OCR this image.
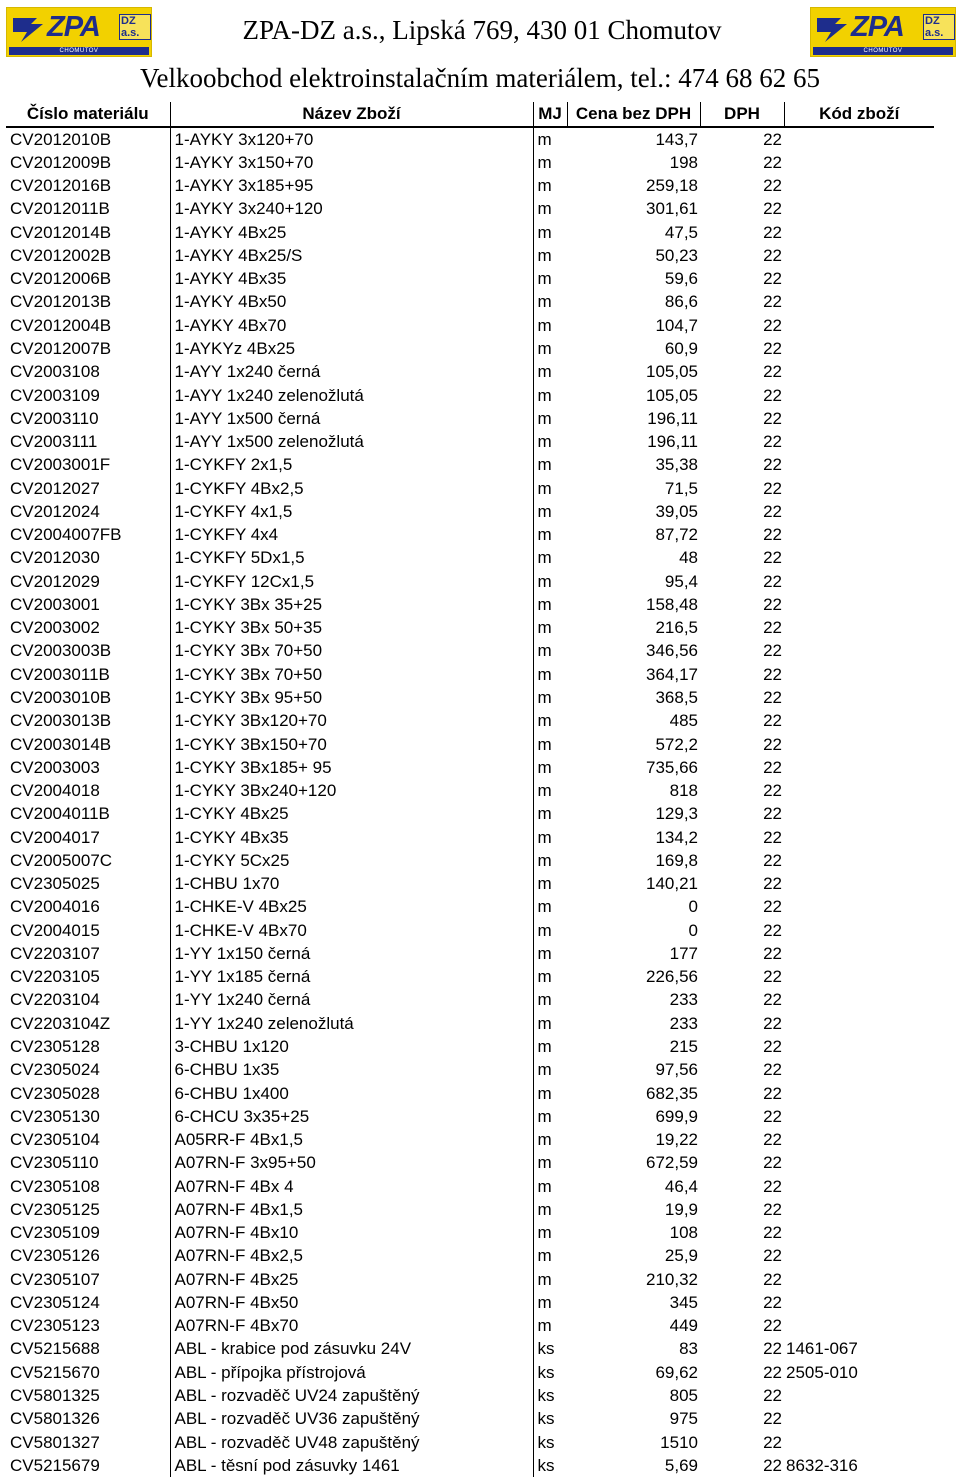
ZPA DZ a.s.
CHOMUTOV
ZPA-DZ a.s., Lipská 769, 430 01 Chomutov	ZPA DZ a.s.
CHOMUTOV
Velkoobchod elektroinstalačním materiálem, tel.: 474 68 62 65
Číslo materiálu	Název Zboží	MJ	Cena bez DPH	DPH	Kód zboží
CV2012010B	1-AYKY 3x120+70	m	143,7	22	
CV2012009B	1-AYKY 3x150+70	m	198	22	
CV2012016B	1-AYKY 3x185+95	m	259,18	22	
CV2012011B	1-AYKY 3x240+120	m	301,61	22	
CV2012014B	1-AYKY 4Bx25	m	47,5	22	
CV2012002B	1-AYKY 4Bx25/S	m	50,23	22	
CV2012006B	1-AYKY 4Bx35	m	59,6	22	
CV2012013B	1-AYKY 4Bx50	m	86,6	22	
CV2012004B	1-AYKY 4Bx70	m	104,7	22	
CV2012007B	1-AYKYz 4Bx25	m	60,9	22	
CV2003108	1-AYY 1x240 černá	m	105,05	22	
CV2003109	1-AYY 1x240 zelenožlutá	m	105,05	22	
CV2003110	1-AYY 1x500 černá	m	196,11	22	
CV2003111	1-AYY 1x500 zelenožlutá	m	196,11	22	
CV2003001F	1-CYKFY 2x1,5	m	35,38	22	
CV2012027	1-CYKFY 4Bx2,5	m	71,5	22	
CV2012024	1-CYKFY 4x1,5	m	39,05	22	
CV2004007FB	1-CYKFY 4x4	m	87,72	22	
CV2012030	1-CYKFY 5Dx1,5	m	48	22	
CV2012029	1-CYKFY 12Cx1,5	m	95,4	22	
CV2003001	1-CYKY 3Bx 35+25	m	158,48	22	
CV2003002	1-CYKY 3Bx 50+35	m	216,5	22	
CV2003003B	1-CYKY 3Bx 70+50	m	346,56	22	
CV2003011B	1-CYKY 3Bx 70+50	m	364,17	22	
CV2003010B	1-CYKY 3Bx 95+50	m	368,5	22	
CV2003013B	1-CYKY 3Bx120+70	m	485	22	
CV2003014B	1-CYKY 3Bx150+70	m	572,2	22	
CV2003003	1-CYKY 3Bx185+ 95	m	735,66	22	
CV2004018	1-CYKY 3Bx240+120	m	818	22	
CV2004011B	1-CYKY 4Bx25	m	129,3	22	
CV2004017	1-CYKY 4Bx35	m	134,2	22	
CV2005007C	1-CYKY 5Cx25	m	169,8	22	
CV2305025	1-CHBU 1x70	m	140,21	22	
CV2004016	1-CHKE-V 4Bx25	m	0	22	
CV2004015	1-CHKE-V 4Bx70	m	0	22	
CV2203107	1-YY 1x150 černá	m	177	22	
CV2203105	1-YY 1x185 černá	m	226,56	22	
CV2203104	1-YY 1x240 černá	m	233	22	
CV2203104Z	1-YY 1x240 zelenožlutá	m	233	22	
CV2305128	3-CHBU 1x120	m	215	22	
CV2305024	6-CHBU 1x35	m	97,56	22	
CV2305028	6-CHBU 1x400	m	682,35	22	
CV2305130	6-CHCU 3x35+25	m	699,9	22	
CV2305104	A05RR-F 4Bx1,5	m	19,22	22	
CV2305110	A07RN-F 3x95+50	m	672,59	22	
CV2305108	A07RN-F 4Bx 4	m	46,4	22	
CV2305125	A07RN-F 4Bx1,5	m	19,9	22	
CV2305109	A07RN-F 4Bx10	m	108	22	
CV2305126	A07RN-F 4Bx2,5	m	25,9	22	
CV2305107	A07RN-F 4Bx25	m	210,32	22	
CV2305124	A07RN-F 4Bx50	m	345	22	
CV2305123	A07RN-F 4Bx70	m	449	22	
CV5215688	ABL - krabice pod zásuvku 24V	ks	83	22	1461-067
CV5215670	ABL - přípojka přístrojová	ks	69,62	22	2505-010
CV5801325	ABL - rozvaděč UV24 zapuštěný	ks	805	22	
CV5801326	ABL - rozvaděč UV36 zapuštěný	ks	975	22	
CV5801327	ABL - rozvaděč UV48 zapuštěný	ks	1510	22	
CV5215679	ABL - těsní pod zásuvky 1461	ks	5,69	22	8632-316
